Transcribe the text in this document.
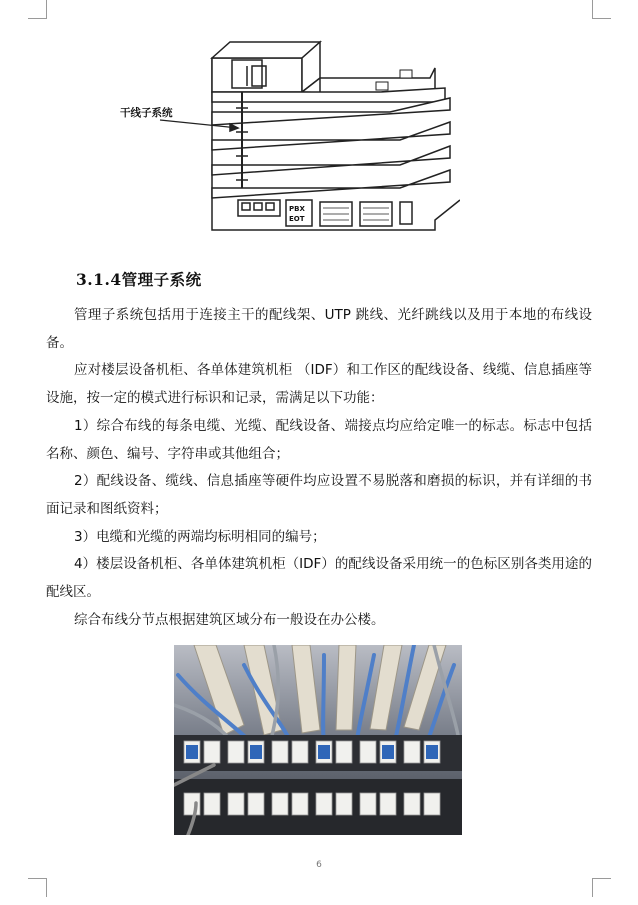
干线子系统
PBX
EOT
3.1.4管理子系统

管理子系统包括用于连接主干的配线架、UTP 跳线、光纤跳线以及用于本地的布线设备。

应对楼层设备机柜、各单体建筑机柜 （IDF）和工作区的配线设备、线缆、信息插座等设施，按一定的模式进行标识和记录，需满足以下功能：

1）综合布线的每条电缆、光缆、配线设备、端接点均应给定唯一的标志。标志中包括名称、颜色、编号、字符串或其他组合；

2）配线设备、缆线、信息插座等硬件均应设置不易脱落和磨损的标识，并有详细的书面记录和图纸资料；

3）电缆和光缆的两端均标明相同的编号；

4）楼层设备机柜、各单体建筑机柜（IDF）的配线设备采用统一的色标区别各类用途的配线区。

综合布线分节点根据建筑区域分布一般设在办公楼。

6
